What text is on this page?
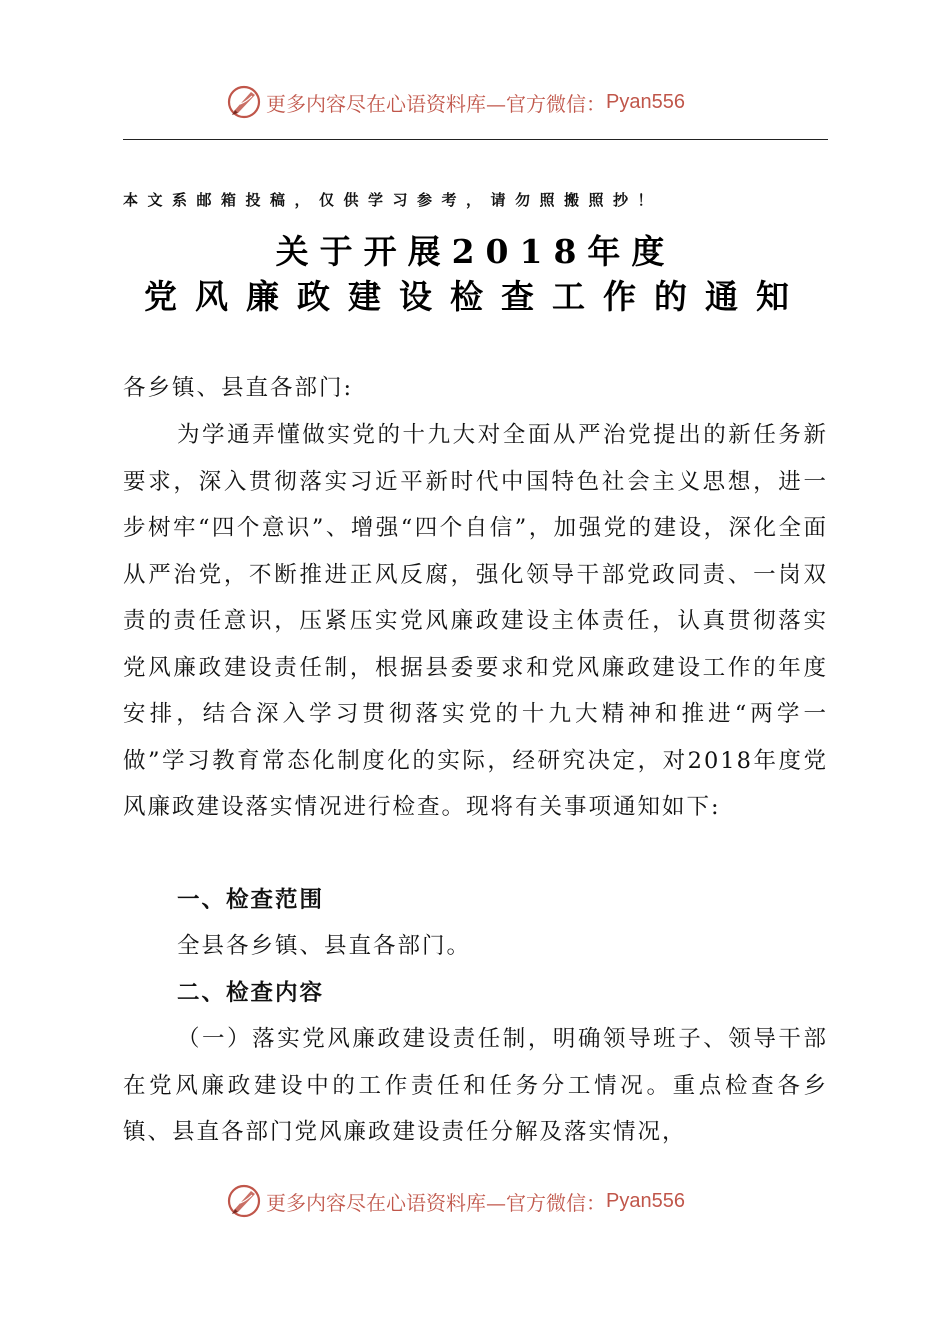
更多内容尽在心语资料库—官方微信： Pyan556
本文系邮箱投稿，仅供学习参考，请勿照搬照抄！
关于开展2018年度
党风廉政建设检查工作的通知
各乡镇、县直各部门:

为学通弄懂做实党的十九大对全面从严治党提出的新任务新要求，深入贯彻落实习近平新时代中国特色社会主义思想，进一步树牢“四个意识”、增强“四个自信”，加强党的建设，深化全面从严治党，不断推进正风反腐，强化领导干部党政同责、一岗双责的责任意识，压紧压实党风廉政建设主体责任，认真贯彻落实党风廉政建设责任制，根据县委要求和党风廉政建设工作的年度安排，结合深入学习贯彻落实党的十九大精神和推进“两学一做”学习教育常态化制度化的实际，经研究决定，对2018年度党风廉政建设落实情况进行检查。现将有关事项通知如下:

一、检查范围
全县各乡镇、县直各部门。
二、检查内容

（一）落实党风廉政建设责任制，明确领导班子、领导干部在党风廉政建设中的工作责任和任务分工情况。重点检查各乡镇、县直各部门党风廉政建设责任分解及落实情况，

更多内容尽在心语资料库—官方微信： Pyan556
